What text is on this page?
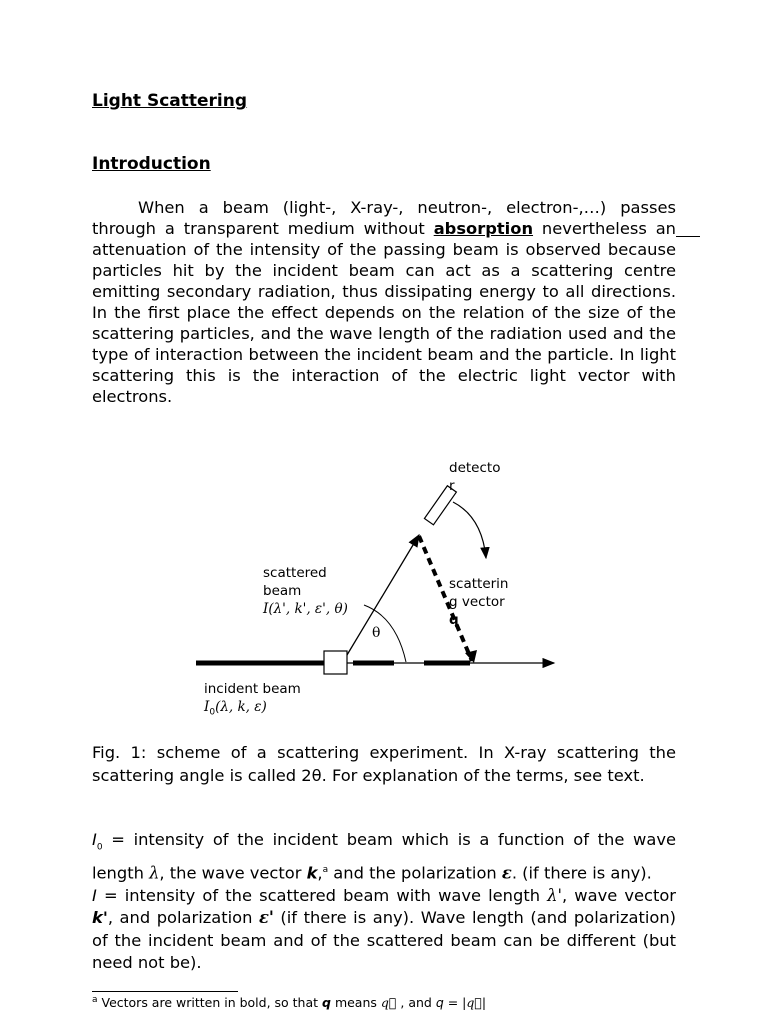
Light Scattering
Introduction
When a beam (light-, X-ray-, neutron-, electron-,…) passes through a transparent medium without absorption nevertheless an attenuation of the intensity of the passing beam is observed because particles hit by the incident beam can act as a scattering centre emitting secondary radiation, thus dissipating energy to all directions. In the first place the effect depends on the relation of the size of the scattering particles, and the wave length of the radiation used and the type of interaction between the incident beam and the particle. In light scattering this is the interaction of the electric light vector with electrons.
θ
detecto
r
scattered
beam
I(λ', k', ε', θ)
scatterin
g vector
q
incident beam
$I_0(\lambda$, k, ε)
Fig. 1: scheme of a scattering experiment. In X-ray scattering the scattering angle is called 2θ. For explanation of the terms, see text.

$I_0$ = intensity of the incident beam which is a function of the wave length λ, the wave vector k,$^a$ and the polarization ε. (if there is any).

I = intensity of the scattered beam with wave length λ', wave vector k', and polarization ε' (if there is any). Wave length (and polarization) of the incident beam and of the scattered beam can be different (but need not be).

$^a$ Vectors are written in bold, so that q means q⃗ , and q = |q⃗|
